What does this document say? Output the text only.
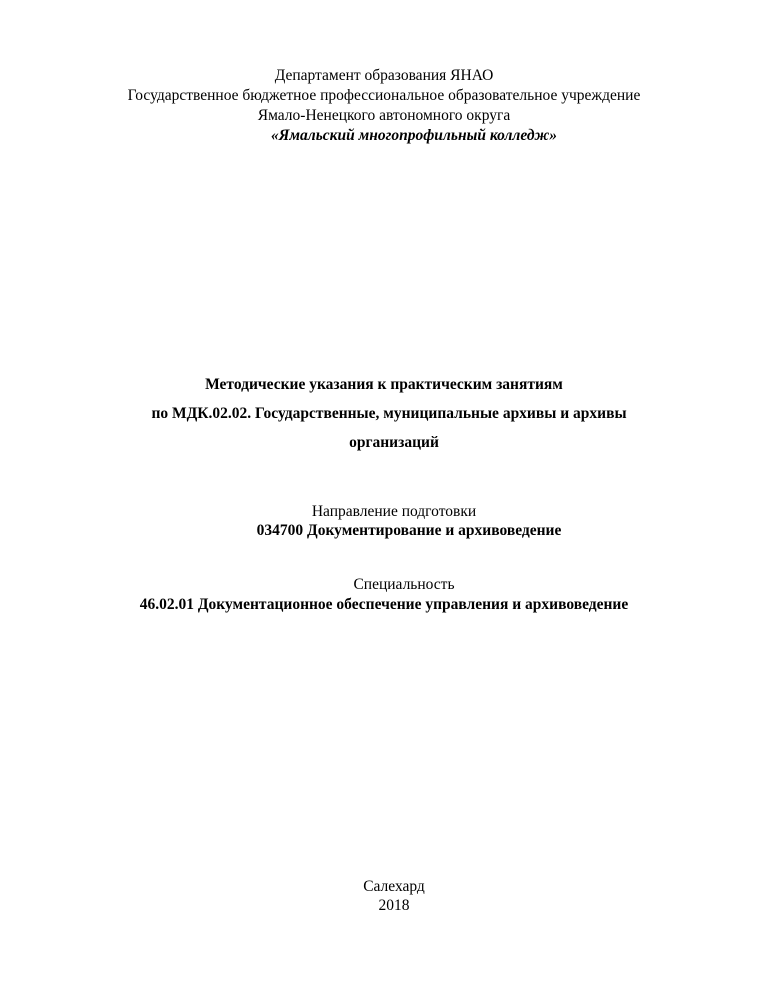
Департамент образования ЯНАО
Государственное бюджетное профессиональное образовательное учреждение
Ямало-Ненецкого автономного округа
«Ямальский многопрофильный колледж»
Методические указания к практическим занятиям
по МДК.02.02. Государственные, муниципальные архивы и архивы
организаций
Направление подготовки
034700 Документирование и архивоведение
Специальность
46.02.01 Документационное обеспечение управления и архивоведение
Салехард
2018
